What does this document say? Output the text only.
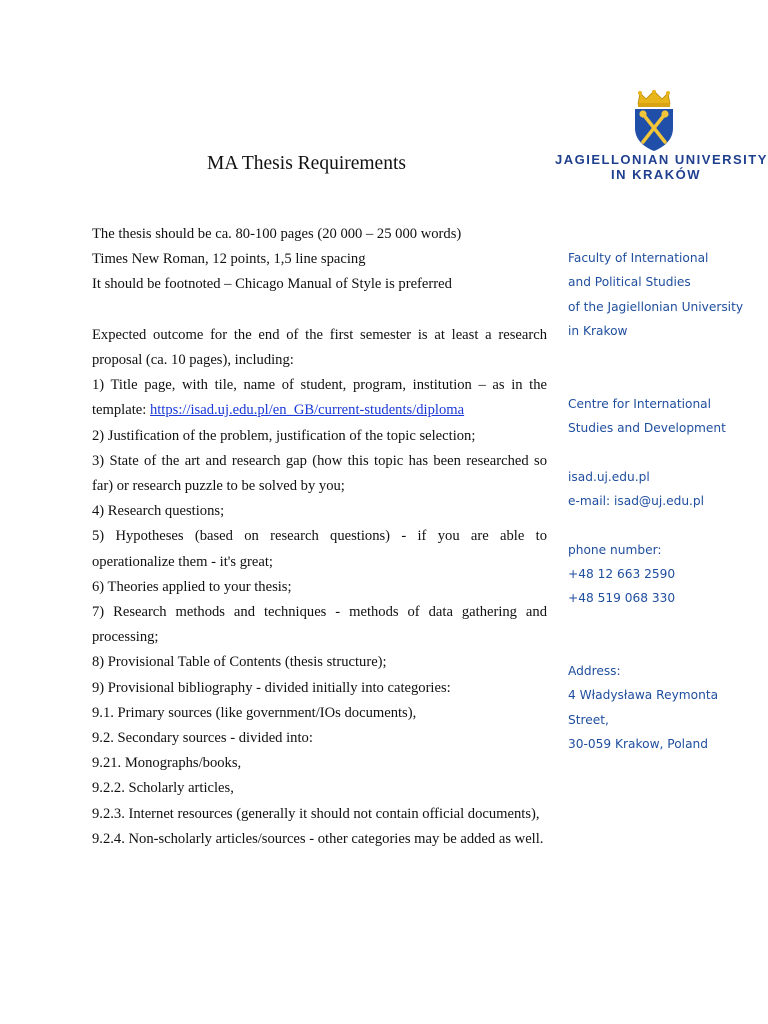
MA Thesis Requirements	JAGIELLONIAN UNIVERSITY
IN KRAKÓW

The thesis should be ca. 80-100 pages (20 000 – 25 000 words)

Times New Roman, 12 points, 1,5 line spacing

It should be footnoted – Chicago Manual of Style is preferred

Expected outcome for the end of the first semester is at least a research proposal (ca. 10 pages), including:

1) Title page, with tile, name of student, program, institution – as in the template: https://isad.uj.edu.pl/en_GB/current-students/diploma

2) Justification of the problem, justification of the topic selection;

3) State of the art and research gap (how this topic has been researched so far) or research puzzle to be solved by you;

4) Research questions;

5) Hypotheses (based on research questions) - if you are able to operationalize them - it's great;

6) Theories applied to your thesis;

7) Research methods and techniques - methods of data gathering and processing;

8) Provisional Table of Contents (thesis structure);

9) Provisional bibliography - divided initially into categories:

9.1. Primary sources (like government/IOs documents),

9.2. Secondary sources - divided into:

9.21. Monographs/books,

9.2.2. Scholarly articles,

9.2.3. Internet resources (generally it should not contain official documents),

9.2.4. Non-scholarly articles/sources - other categories may be added as well.

Faculty of International
and Political Studies
of the Jagiellonian University
in Krakow
Centre for International
Studies and Development
isad.uj.edu.pl
e-mail: isad@uj.edu.pl
phone number:
+48 12 663 2590
+48 519 068 330
Address:
4 Władysława Reymonta
Street,
30-059 Krakow, Poland
